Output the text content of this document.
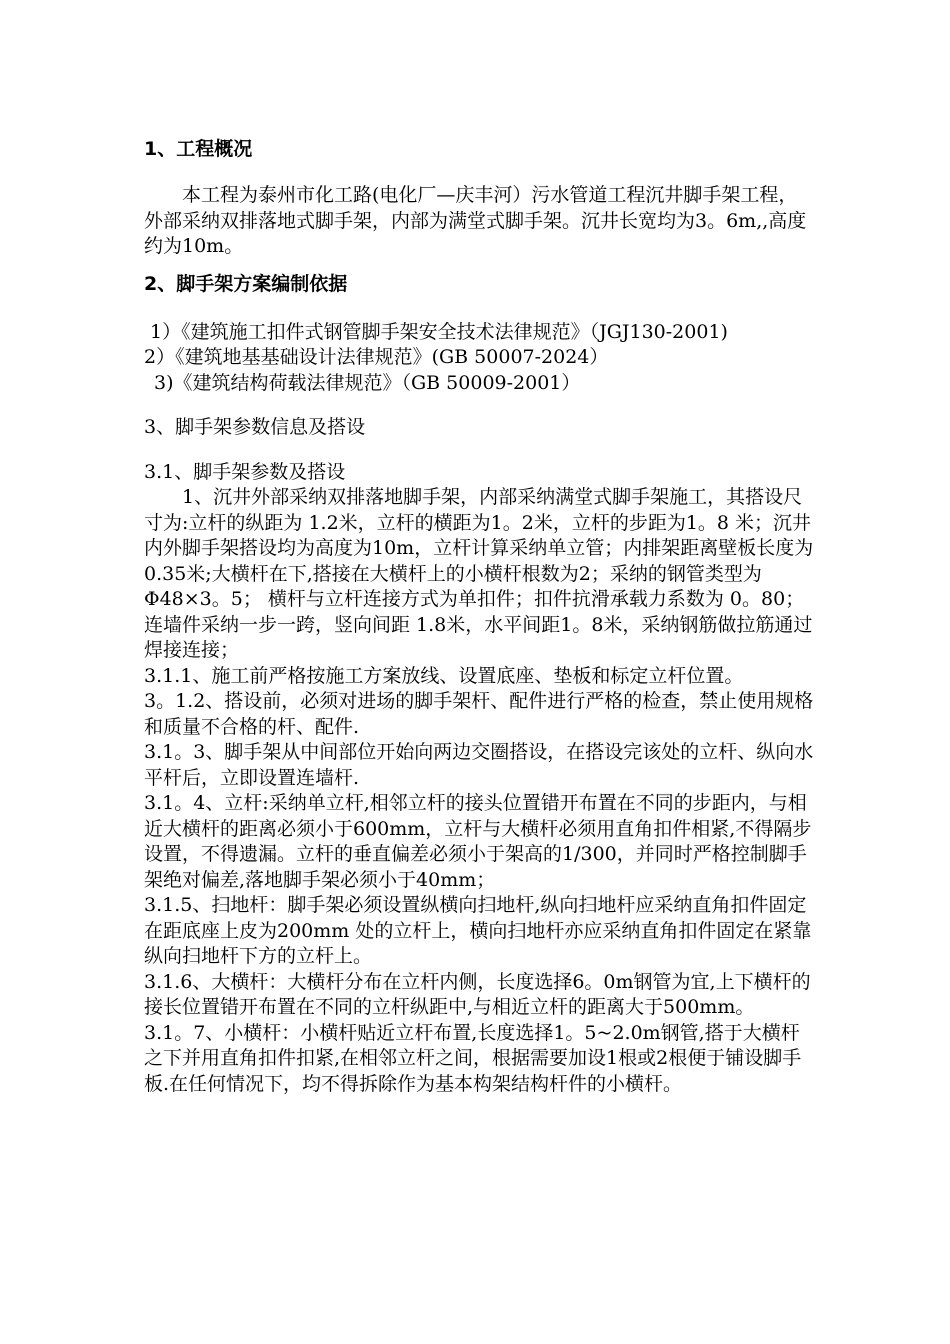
1、工程概况
本工程为泰州市化工路(电化厂—庆丰河）污水管道工程沉井脚手架工程，外部采纳双排落地式脚手架，内部为满堂式脚手架。沉井长宽均为3。6m,,高度约为10m。
2、脚手架方案编制依据
1）《建筑施工扣件式钢管脚手架安全技术法律规范》（JGJ130-2001)
2）《建筑地基基础设计法律规范》(GB 50007-2024）
3)《建筑结构荷载法律规范》（GB 50009-2001）
3、脚手架参数信息及搭设
3.1、脚手架参数及搭设
1、沉井外部采纳双排落地脚手架，内部采纳满堂式脚手架施工，其搭设尺寸为:立杆的纵距为 1.2米，立杆的横距为1。2米，立杆的步距为1。8 米；沉井内外脚手架搭设均为高度为10m，立杆计算采纳单立管；内排架距离壁板长度为0.35米;大横杆在下,搭接在大横杆上的小横杆根数为2；采纳的钢管类型为 Φ48×3。5； 横杆与立杆连接方式为单扣件；扣件抗滑承载力系数为 0。80；连墙件采纳一步一跨，竖向间距 1.8米，水平间距1。8米，采纳钢筋做拉筋通过焊接连接；
3.1.1、施工前严格按施工方案放线、设置底座、垫板和标定立杆位置。
3。1.2、搭设前，必须对进场的脚手架杆、配件进行严格的检查，禁止使用规格和质量不合格的杆、配件.
3.1。3、脚手架从中间部位开始向两边交圈搭设，在搭设完该处的立杆、纵向水平杆后，立即设置连墙杆.
3.1。4、立杆:采纳单立杆,相邻立杆的接头位置错开布置在不同的步距内，与相近大横杆的距离必须小于600mm，立杆与大横杆必须用直角扣件相紧,不得隔步设置，不得遗漏。立杆的垂直偏差必须小于架高的1/300，并同时严格控制脚手架绝对偏差,落地脚手架必须小于40mm；
3.1.5、扫地杆：脚手架必须设置纵横向扫地杆,纵向扫地杆应采纳直角扣件固定在距底座上皮为200mm 处的立杆上，横向扫地杆亦应采纳直角扣件固定在紧靠纵向扫地杆下方的立杆上。
3.1.6、大横杆：大横杆分布在立杆内侧，长度选择6。0m钢管为宜,上下横杆的接长位置错开布置在不同的立杆纵距中,与相近立杆的距离大于500mm。
3.1。7、小横杆：小横杆贴近立杆布置,长度选择1。5~2.0m钢管,搭于大横杆之下并用直角扣件扣紧,在相邻立杆之间，根据需要加设1根或2根便于铺设脚手板.在任何情况下，均不得拆除作为基本构架结构杆件的小横杆。
